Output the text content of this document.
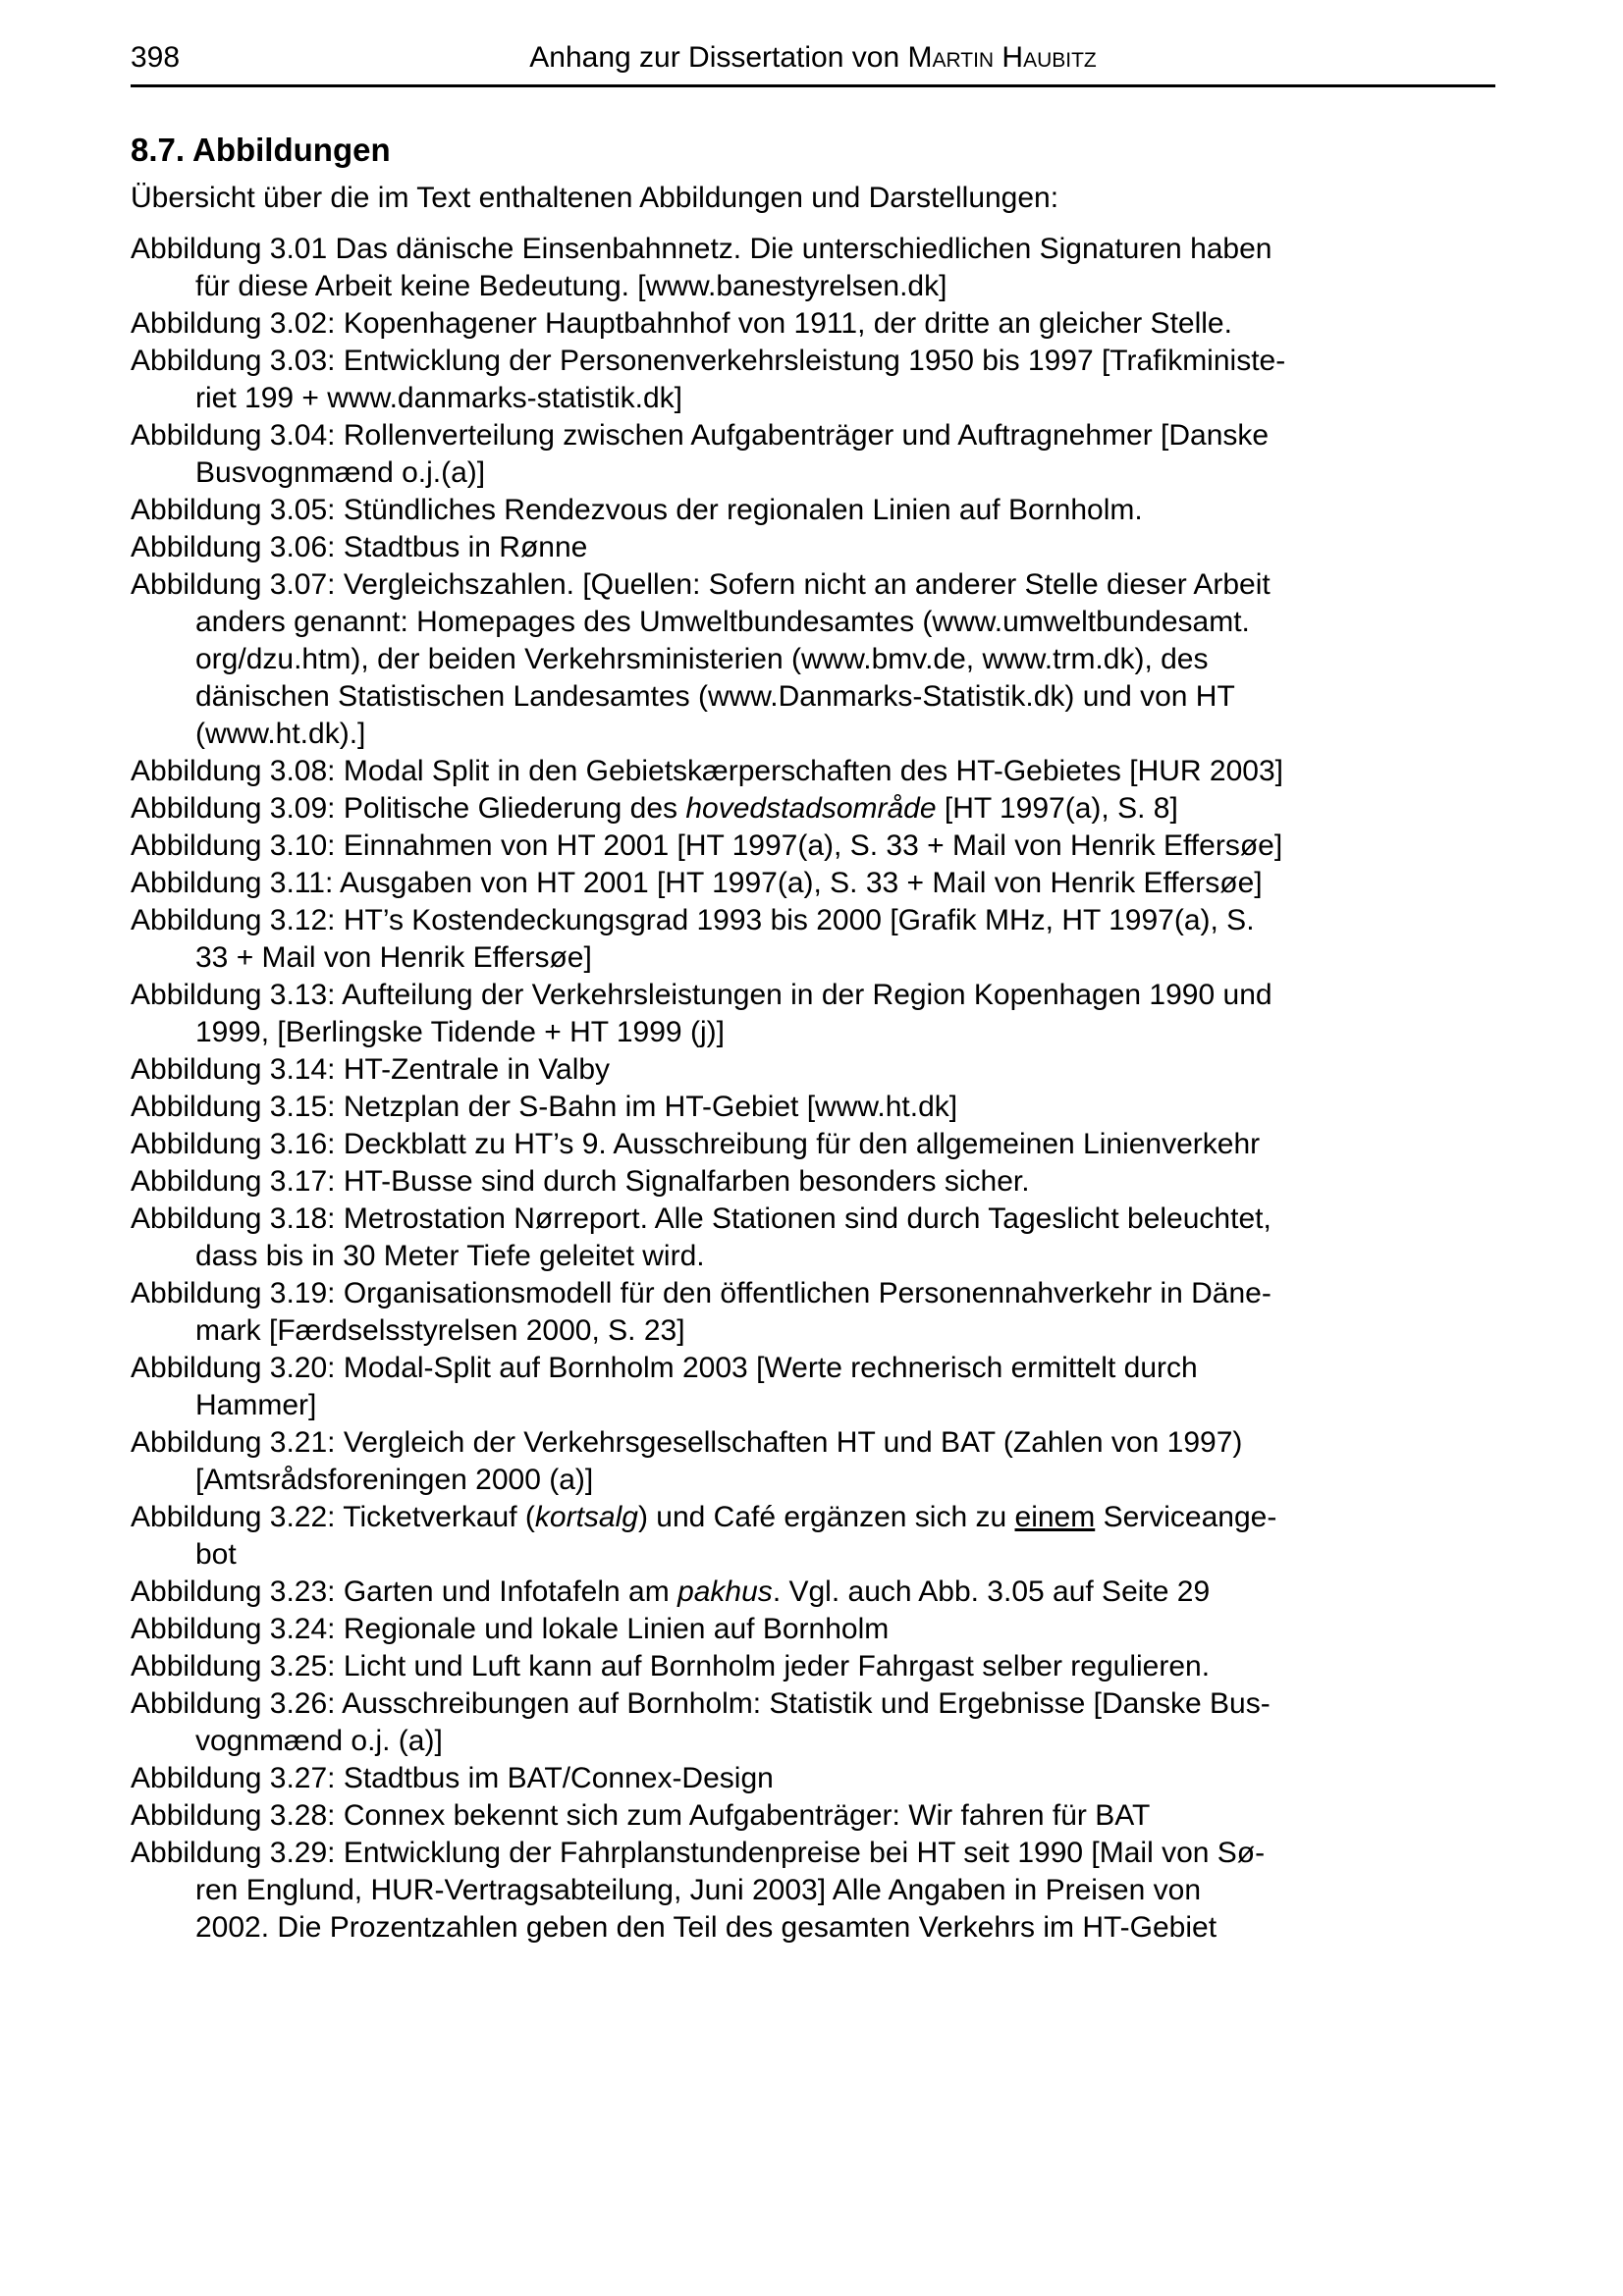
398	Anhang zur Dissertation von Martin Haubitz
8.7. Abbildungen

Übersicht über die im Text enthaltenen Abbildungen und Darstellungen:

Abbildung 3.01 Das dänische Einsenbahnnetz. Die unterschiedlichen Signaturen haben
für diese Arbeit keine Bedeutung. [www.banestyrelsen.dk]

Abbildung 3.02: Kopenhagener Hauptbahnhof von 1911, der dritte an gleicher Stelle.

Abbildung 3.03: Entwicklung der Personenverkehrsleistung 1950 bis 1997 [Trafikministe-
riet 199 + www.danmarks-statistik.dk]

Abbildung 3.04: Rollenverteilung zwischen Aufgabenträger und Auftragnehmer [Danske
Busvognmænd o.j.(a)]

Abbildung 3.05: Stündliches Rendezvous der regionalen Linien auf Bornholm.

Abbildung 3.06: Stadtbus in Rønne

Abbildung 3.07: Vergleichszahlen. [Quellen: Sofern nicht an anderer Stelle dieser Arbeit
anders genannt: Homepages des Umweltbundesamtes (www.umweltbundesamt.
org/dzu.htm), der beiden Verkehrsministerien (www.bmv.de, www.trm.dk), des
dänischen Statistischen Landesamtes (www.Danmarks-Statistik.dk) und von HT
(www.ht.dk).]

Abbildung 3.08: Modal Split in den Gebietskærperschaften des HT-Gebietes [HUR 2003]

Abbildung 3.09: Politische Gliederung des hovedstadsområde [HT 1997(a), S. 8]

Abbildung 3.10: Einnahmen von HT 2001 [HT 1997(a), S. 33 + Mail von Henrik Effersøe]

Abbildung 3.11: Ausgaben von HT 2001 [HT 1997(a), S. 33 + Mail von Henrik Effersøe]

Abbildung 3.12: HT’s Kostendeckungsgrad 1993 bis 2000 [Grafik MHz, HT 1997(a), S.
33 + Mail von Henrik Effersøe]

Abbildung 3.13: Aufteilung der Verkehrsleistungen in der Region Kopenhagen 1990 und
1999, [Berlingske Tidende + HT 1999 (j)]

Abbildung 3.14: HT-Zentrale in Valby

Abbildung 3.15: Netzplan der S-Bahn im HT-Gebiet [www.ht.dk]

Abbildung 3.16: Deckblatt zu HT’s 9. Ausschreibung für den allgemeinen Linienverkehr

Abbildung 3.17: HT-Busse sind durch Signalfarben besonders sicher.

Abbildung 3.18: Metrostation Nørreport. Alle Stationen sind durch Tageslicht beleuchtet,
dass bis in 30 Meter Tiefe geleitet wird.

Abbildung 3.19: Organisationsmodell für den öffentlichen Personennahverkehr in Däne-
mark [Færdselsstyrelsen 2000, S. 23]

Abbildung 3.20: Modal-Split auf Bornholm 2003 [Werte rechnerisch ermittelt durch
Hammer]

Abbildung 3.21: Vergleich der Verkehrsgesellschaften HT und BAT (Zahlen von 1997)
[Amtsrådsforeningen 2000 (a)]

Abbildung 3.22: Ticketverkauf (kortsalg) und Café ergänzen sich zu einem Serviceange-
bot

Abbildung 3.23: Garten und Infotafeln am pakhus. Vgl. auch Abb. 3.05 auf Seite 29

Abbildung 3.24: Regionale und lokale Linien auf Bornholm

Abbildung 3.25: Licht und Luft kann auf Bornholm jeder Fahrgast selber regulieren.

Abbildung 3.26: Ausschreibungen auf Bornholm: Statistik und Ergebnisse [Danske Bus-
vognmænd o.j. (a)]

Abbildung 3.27: Stadtbus im BAT/Connex-Design

Abbildung 3.28: Connex bekennt sich zum Aufgabenträger: Wir fahren für BAT

Abbildung 3.29: Entwicklung der Fahrplanstundenpreise bei HT seit 1990 [Mail von Sø-
ren Englund, HUR-Vertragsabteilung, Juni 2003] Alle Angaben in Preisen von
2002. Die Prozentzahlen geben den Teil des gesamten Verkehrs im HT-Gebiet
